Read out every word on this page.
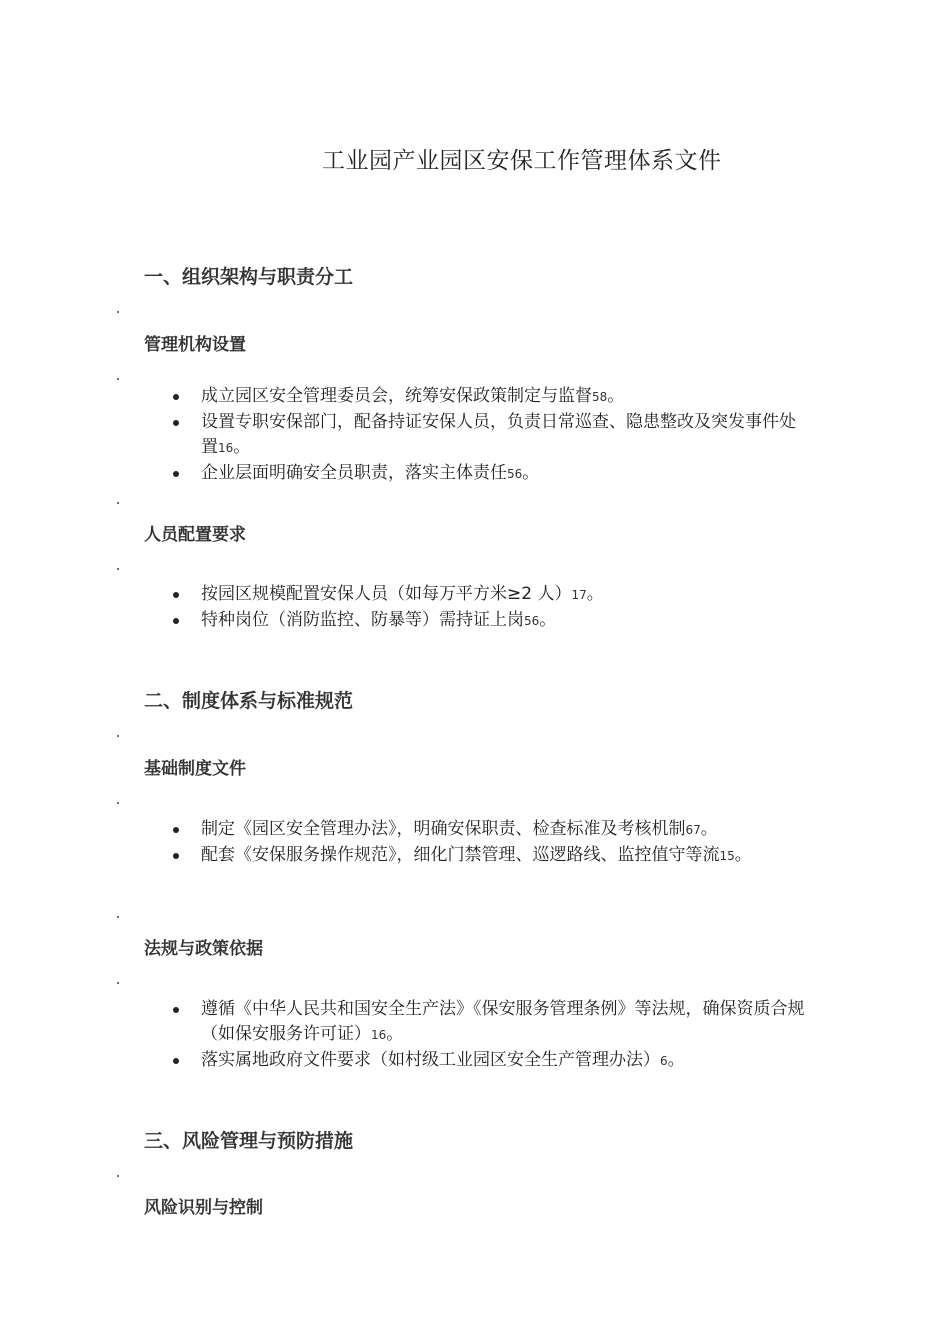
工业园产业园区安保工作管理体系文件
一、组织架构与职责分工
管理机构设置
成立园区安全管理委员会，统筹安保政策制定与监督58。
设置专职安保部门，配备持证安保人员，负责日常巡查、隐患整改及突发事件处置16。
企业层面明确安全员职责，落实主体责任56。
人员配置要求
按园区规模配置安保人员（如每万平方米≥2 人）17。
特种岗位（消防监控、防暴等）需持证上岗56。
二、制度体系与标准规范
基础制度文件
制定《园区安全管理办法》，明确安保职责、检查标准及考核机制67。
配套《安保服务操作规范》，细化门禁管理、巡逻路线、监控值守等流15。
法规与政策依据
遵循《中华人民共和国安全生产法》《保安服务管理条例》等法规，确保资质合规（如保安服务许可证）16。
落实属地政府文件要求（如村级工业园区安全生产管理办法）6。
三、风险管理与预防措施
风险识别与控制
